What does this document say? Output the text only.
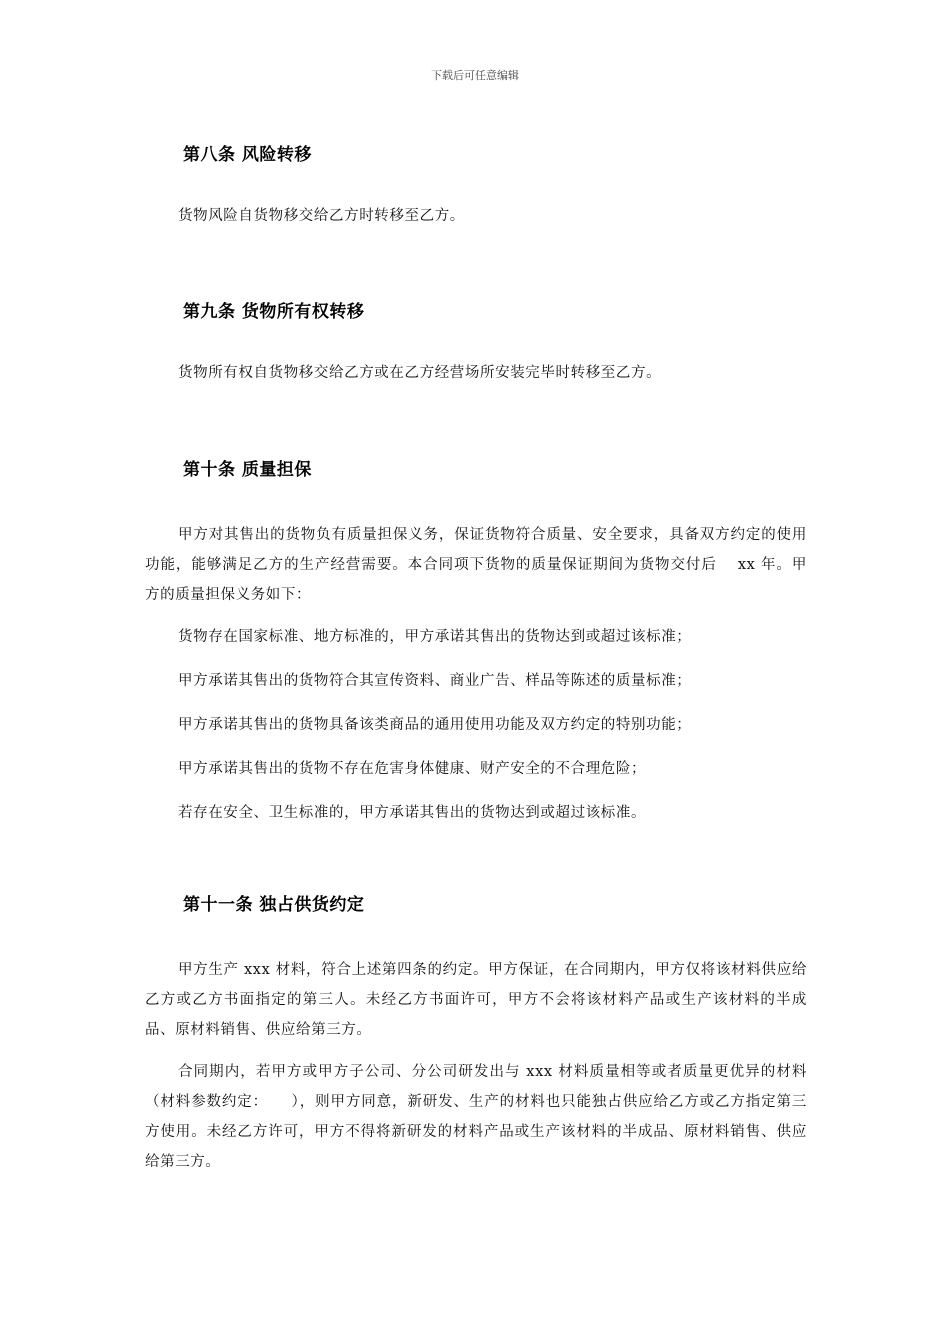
下载后可任意编辑

第八条 风险转移

货物风险自货物移交给乙方时转移至乙方。

第九条 货物所有权转移

货物所有权自货物移交给乙方或在乙方经营场所安装完毕时转移至乙方。

第十条 质量担保

甲方对其售出的货物负有质量担保义务，保证货物符合质量、安全要求，具备双方约定的使用功能，能够满足乙方的生产经营需要。本合同项下货物的质量保证期间为货物交付后　 xx 年。甲方的质量担保义务如下：

货物存在国家标准、地方标准的，甲方承诺其售出的货物达到或超过该标准；

甲方承诺其售出的货物符合其宣传资料、商业广告、样品等陈述的质量标准；

甲方承诺其售出的货物具备该类商品的通用使用功能及双方约定的特别功能；

甲方承诺其售出的货物不存在危害身体健康、财产安全的不合理危险；

若存在安全、卫生标准的，甲方承诺其售出的货物达到或超过该标准。

第十一条 独占供货约定

甲方生产 xxx 材料，符合上述第四条的约定。甲方保证，在合同期内，甲方仅将该材料供应给乙方或乙方书面指定的第三人。未经乙方书面许可，甲方不会将该材料产品或生产该材料的半成品、原材料销售、供应给第三方。

合同期内，若甲方或甲方子公司、分公司研发出与 xxx 材料质量相等或者质量更优异的材料（材料参数约定：　　），则甲方同意，新研发、生产的材料也只能独占供应给乙方或乙方指定第三方使用。未经乙方许可，甲方不得将新研发的材料产品或生产该材料的半成品、原材料销售、供应给第三方。
